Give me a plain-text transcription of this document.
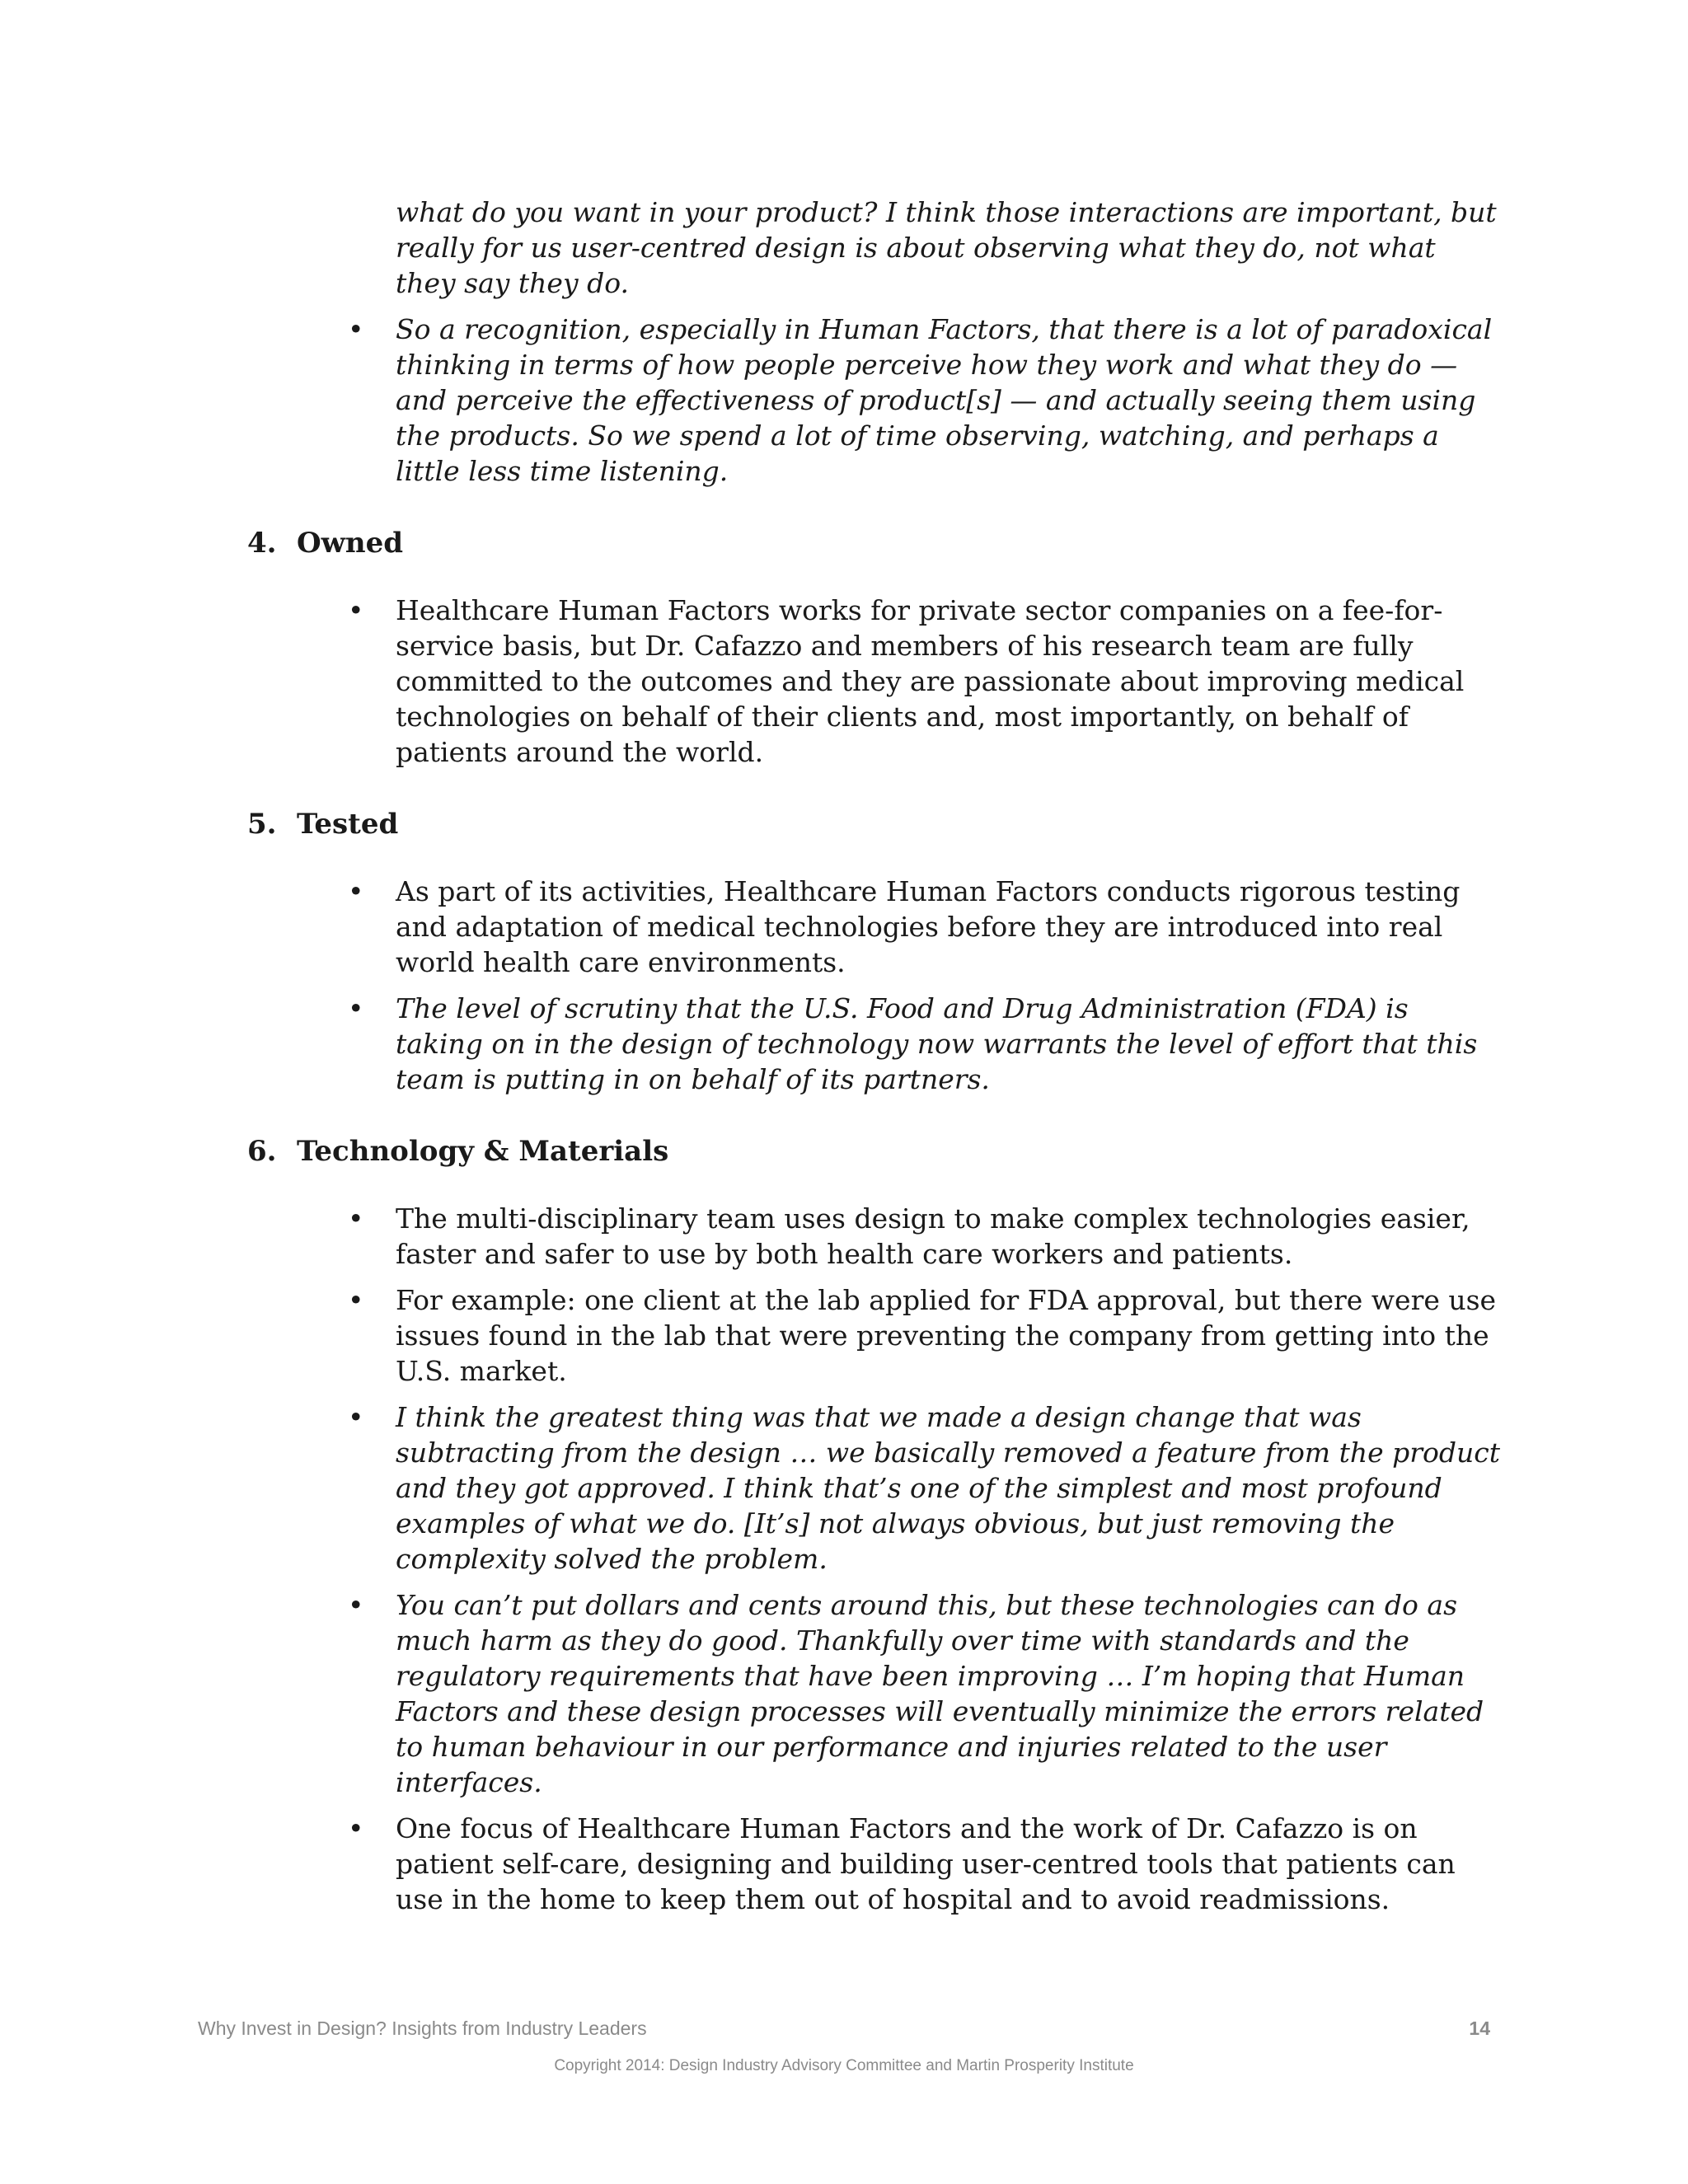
what do you want in your product? I think those interactions are important, but really for us user-centred design is about observing what they do, not what they say they do.
• So a recognition, especially in Human Factors, that there is a lot of paradoxical thinking in terms of how people perceive how they work and what they do — and perceive the effectiveness of product[s] — and actually seeing them using the products. So we spend a lot of time observing, watching, and perhaps a little less time listening.
4. Owned
• Healthcare Human Factors works for private sector companies on a fee-for-service basis, but Dr. Cafazzo and members of his research team are fully committed to the outcomes and they are passionate about improving medical technologies on behalf of their clients and, most importantly, on behalf of patients around the world.
5. Tested
• As part of its activities, Healthcare Human Factors conducts rigorous testing and adaptation of medical technologies before they are introduced into real world health care environments.
• The level of scrutiny that the U.S. Food and Drug Administration (FDA) is taking on in the design of technology now warrants the level of effort that this team is putting in on behalf of its partners.
6. Technology & Materials
• The multi-disciplinary team uses design to make complex technologies easier, faster and safer to use by both health care workers and patients.
• For example: one client at the lab applied for FDA approval, but there were use issues found in the lab that were preventing the company from getting into the U.S. market.
• I think the greatest thing was that we made a design change that was subtracting from the design … we basically removed a feature from the product and they got approved. I think that’s one of the simplest and most profound examples of what we do. [It’s] not always obvious, but just removing the complexity solved the problem.
• You can’t put dollars and cents around this, but these technologies can do as much harm as they do good. Thankfully over time with standards and the regulatory requirements that have been improving … I’m hoping that Human Factors and these design processes will eventually minimize the errors related to human behaviour in our performance and injuries related to the user interfaces.
• One focus of Healthcare Human Factors and the work of Dr. Cafazzo is on patient self-care, designing and building user-centred tools that patients can use in the home to keep them out of hospital and to avoid readmissions.
Why Invest in Design? Insights from Industry Leaders	14
Copyright 2014: Design Industry Advisory Committee and Martin Prosperity Institute
